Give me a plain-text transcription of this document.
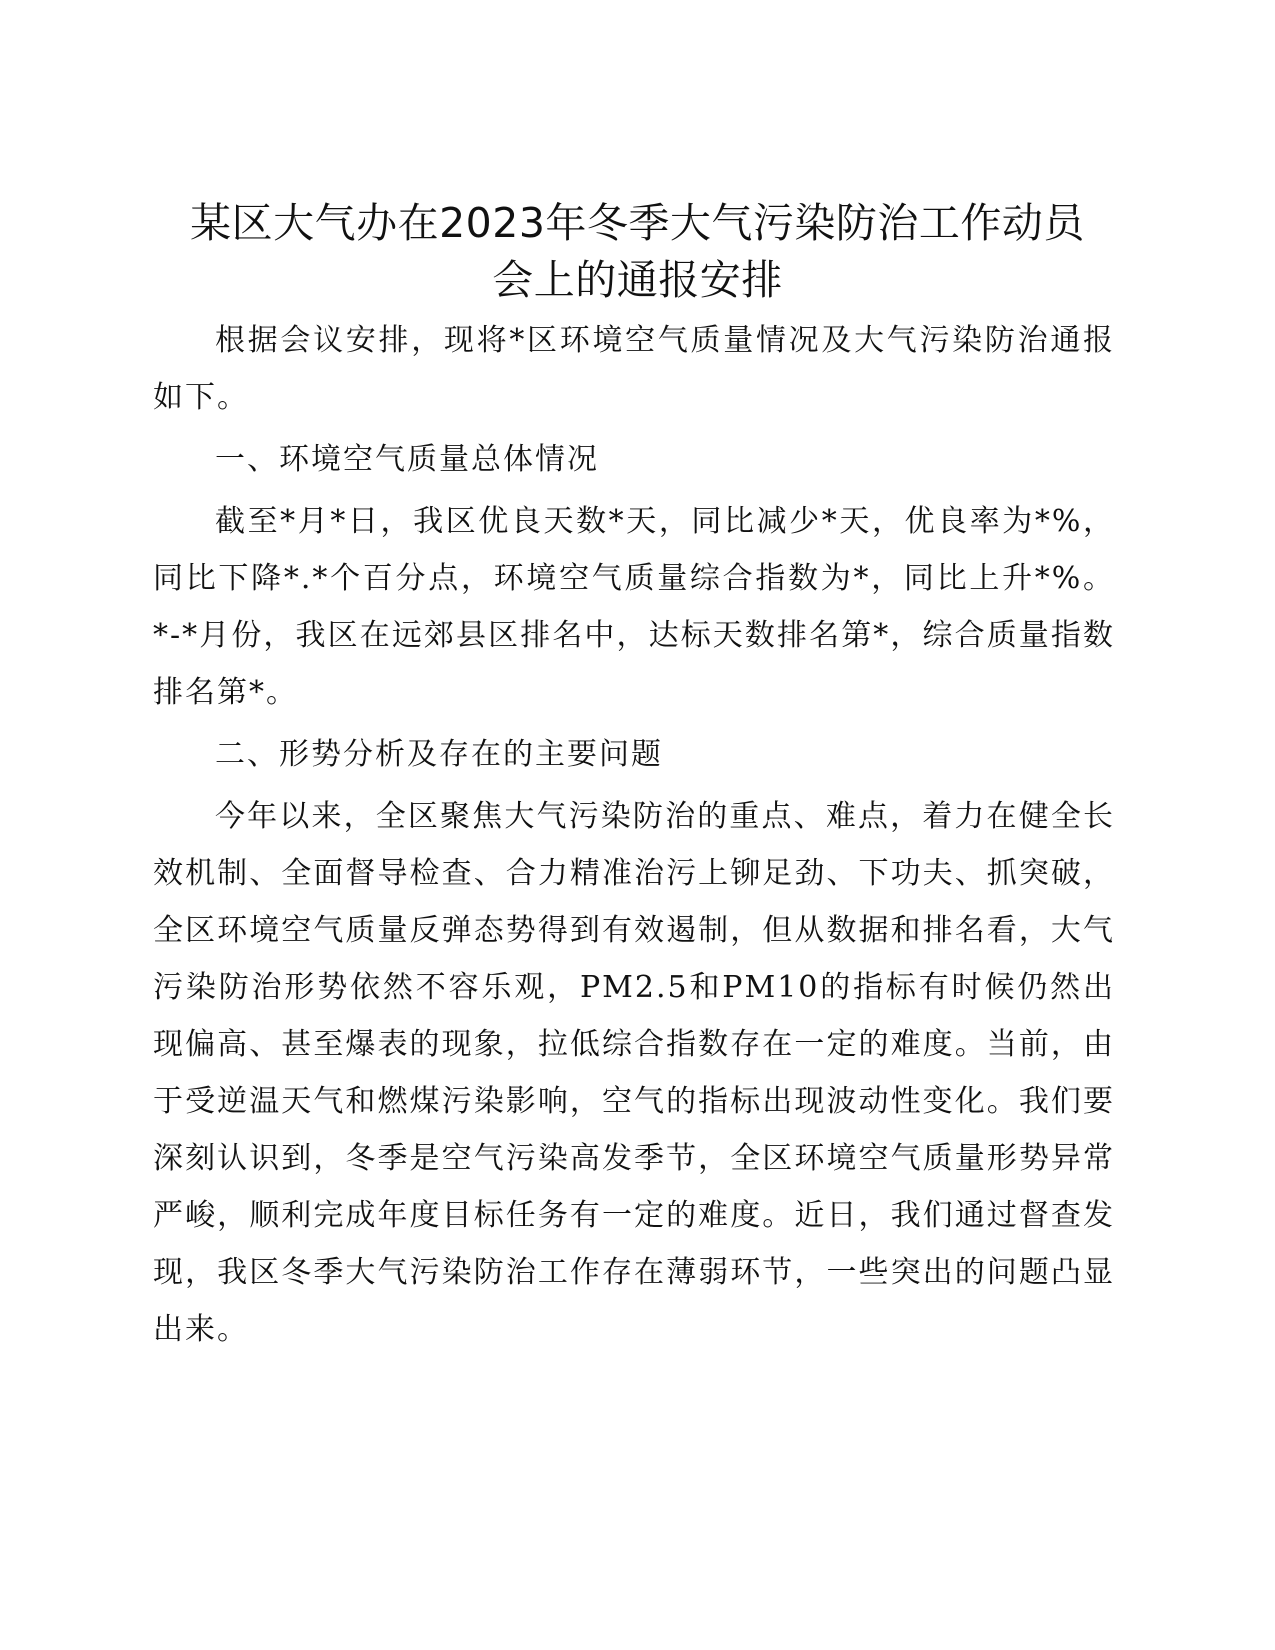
某区大气办在2023年冬季大气污染防治工作动员
会上的通报安排

根据会议安排，现将*区环境空气质量情况及大气污染防治通报如下。

一、环境空气质量总体情况

截至*月*日，我区优良天数*天，同比减少*天，优良率为*%，同比下降*.*个百分点，环境空气质量综合指数为*，同比上升*%。*-*月份，我区在远郊县区排名中，达标天数排名第*，综合质量指数排名第*。

二、形势分析及存在的主要问题

今年以来，全区聚焦大气污染防治的重点、难点，着力在健全长效机制、全面督导检查、合力精准治污上铆足劲、下功夫、抓突破，全区环境空气质量反弹态势得到有效遏制，但从数据和排名看，大气污染防治形势依然不容乐观，PM2.5和PM10的指标有时候仍然出现偏高、甚至爆表的现象，拉低综合指数存在一定的难度。当前，由于受逆温天气和燃煤污染影响，空气的指标出现波动性变化。我们要深刻认识到，冬季是空气污染高发季节，全区环境空气质量形势异常严峻，顺利完成年度目标任务有一定的难度。近日，我们通过督查发现，我区冬季大气污染防治工作存在薄弱环节，一些突出的问题凸显出来。
